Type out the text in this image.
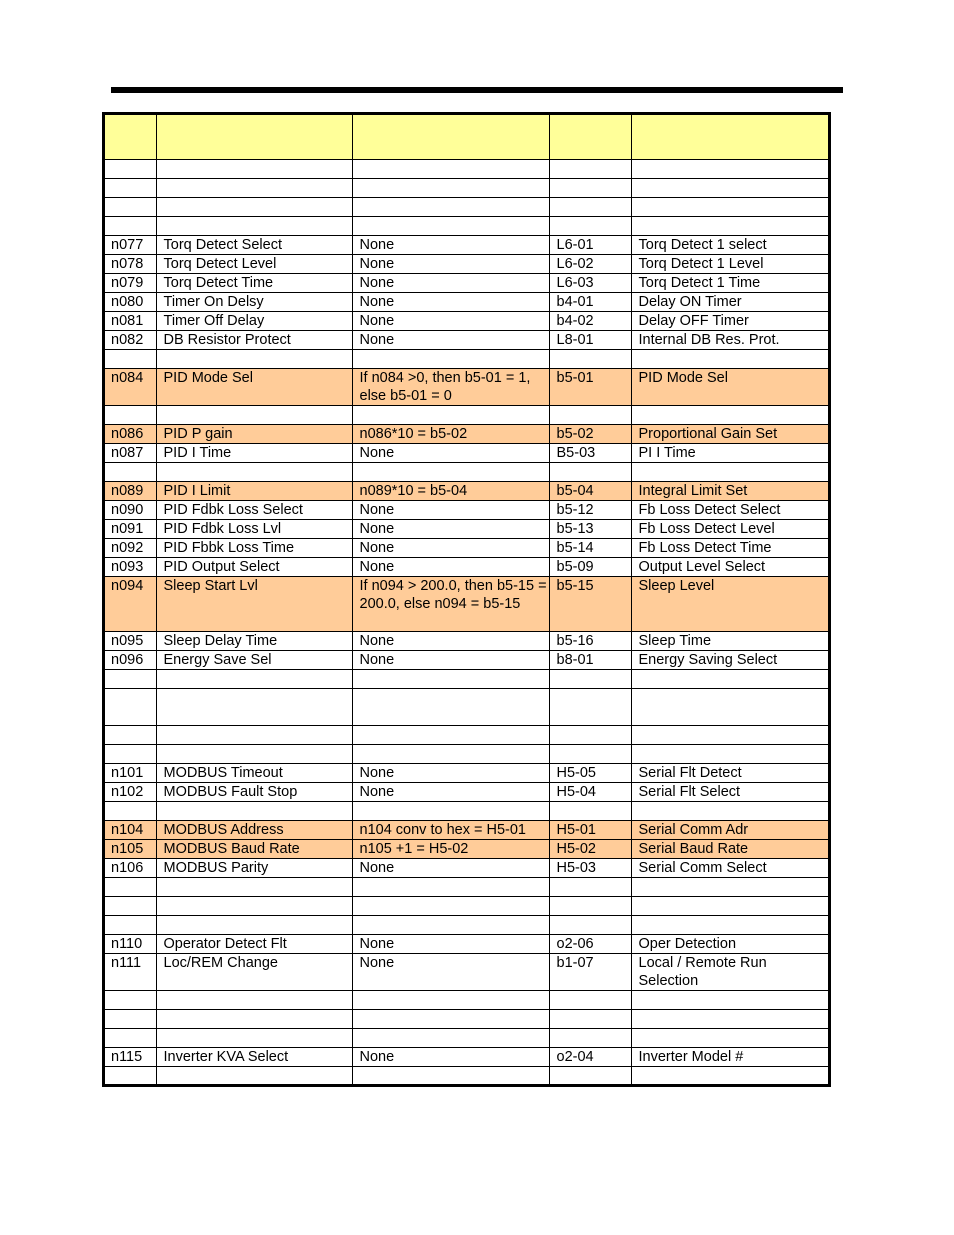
n077	Torq Detect Select	None	L6-01	Torq Detect 1 select
n078	Torq Detect Level	None	L6-02	Torq Detect 1 Level
n079	Torq Detect Time	None	L6-03	Torq Detect 1 Time
n080	Timer On Delsy	None	b4-01	Delay ON Timer
n081	Timer Off Delay	None	b4-02	Delay OFF Timer
n082	DB Resistor Protect	None	L8-01	Internal DB Res. Prot.

n084	PID Mode Sel	If n084 >0, then b5-01 = 1, else b5-01 = 0	b5-01	PID Mode Sel

n086	PID P gain	n086*10 = b5-02	b5-02	Proportional Gain Set
n087	PID I Time	None	B5-03	PI I Time

n089	PID I Limit	n089*10 = b5-04	b5-04	Integral Limit Set
n090	PID Fdbk Loss Select	None	b5-12	Fb Loss Detect Select
n091	PID Fdbk Loss Lvl	None	b5-13	Fb Loss Detect Level
n092	PID Fbbk Loss Time	None	b5-14	Fb Loss Detect Time
n093	PID Output Select	None	b5-09	Output Level Select
n094	Sleep Start Lvl	If n094 > 200.0, then b5-15 = 200.0, else n094 = b5-15	b5-15	Sleep Level
n095	Sleep Delay Time	None	b5-16	Sleep Time
n096	Energy Save Sel	None	b8-01	Energy Saving Select

n101	MODBUS Timeout	None	H5-05	Serial Flt Detect
n102	MODBUS Fault Stop	None	H5-04	Serial Flt Select

n104	MODBUS Address	n104 conv to hex = H5-01	H5-01	Serial Comm Adr
n105	MODBUS Baud Rate	n105 +1 = H5-02	H5-02	Serial Baud Rate
n106	MODBUS Parity	None	H5-03	Serial Comm Select

n110	Operator Detect Flt	None	o2-06	Oper Detection
n111	Loc/REM Change	None	b1-07	Local / Remote Run Selection

n115	Inverter KVA Select	None	o2-04	Inverter Model #
